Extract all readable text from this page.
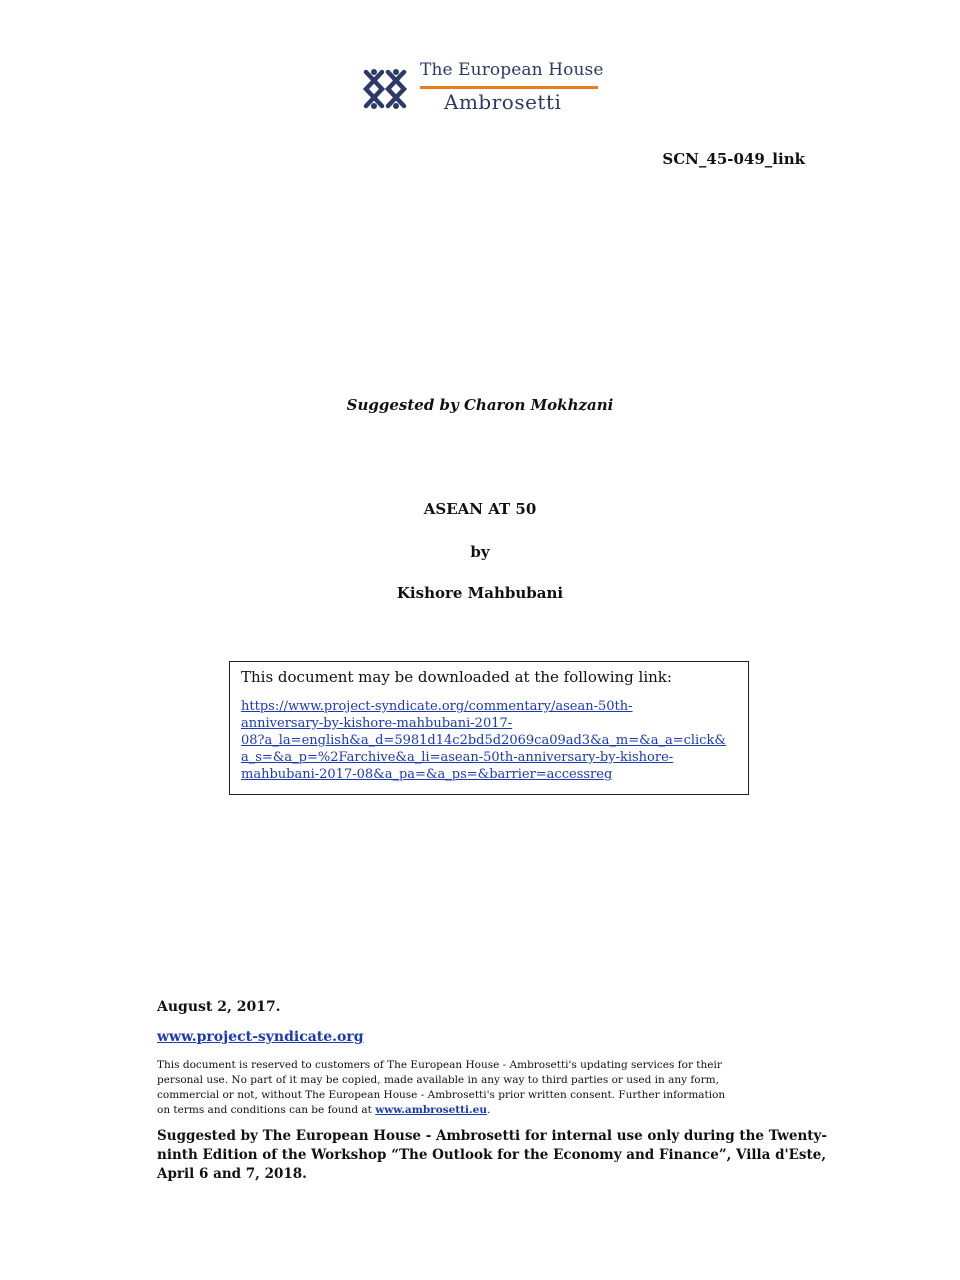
The European House
Ambrosetti
SCN_45-049_link
Suggested by Charon Mokhzani
ASEAN AT 50
by
Kishore Mahbubani

This document may be downloaded at the following link:

https://www.project-syndicate.org/commentary/asean-50th-
anniversary-by-kishore-mahbubani-2017-
08?a_la=english&a_d=5981d14c2bd5d2069ca09ad3&a_m=&a_a=click&
a_s=&a_p=%2Farchive&a_li=asean-50th-anniversary-by-kishore-
mahbubani-2017-08&a_pa=&a_ps=&barrier=accessreg

August 2, 2017.
www.project-syndicate.org

This document is reserved to customers of The European House - Ambrosetti's updating services for their

personal use. No part of it may be copied, made available in any way to third parties or used in any form,

commercial or not, without The European House - Ambrosetti's prior written consent. Further information

on terms and conditions can be found at www.ambrosetti.eu.

Suggested by The European House - Ambrosetti for internal use only during the Twenty-

ninth Edition of the Workshop “The Outlook for the Economy and Finance”, Villa d'Este,

April 6 and 7, 2018.
